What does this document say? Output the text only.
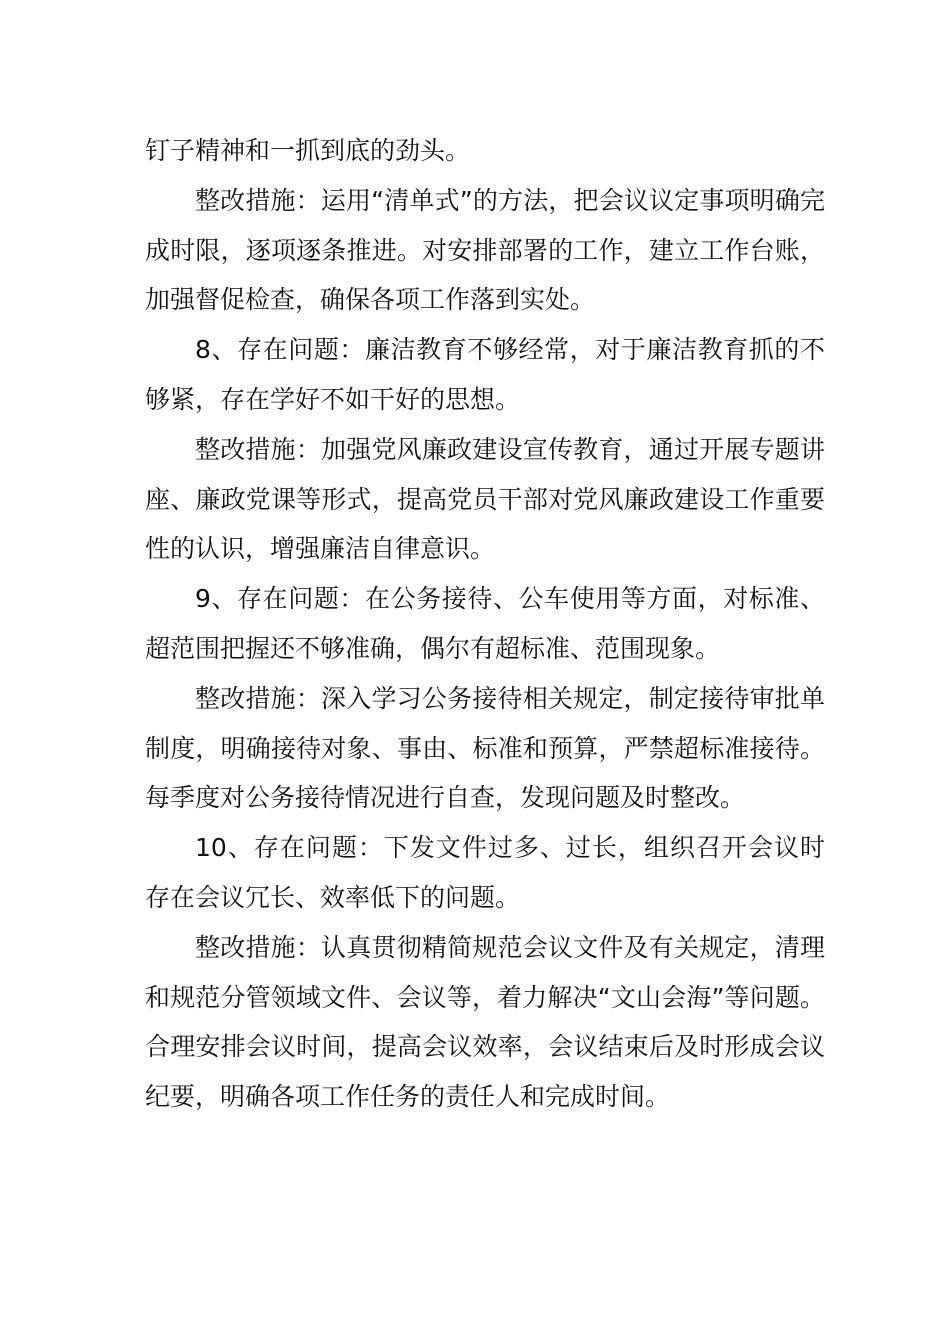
钉子精神和一抓到底的劲头。

整改措施：运用“清单式”的方法，把会议议定事项明确完成时限，逐项逐条推进。对安排部署的工作，建立工作台账，加强督促检查，确保各项工作落到实处。

8、存在问题：廉洁教育不够经常，对于廉洁教育抓的不够紧，存在学好不如干好的思想。

整改措施：加强党风廉政建设宣传教育，通过开展专题讲座、廉政党课等形式，提高党员干部对党风廉政建设工作重要性的认识，增强廉洁自律意识。

9、存在问题：在公务接待、公车使用等方面，对标准、超范围把握还不够准确，偶尔有超标准、范围现象。

整改措施：深入学习公务接待相关规定，制定接待审批单制度，明确接待对象、事由、标准和预算，严禁超标准接待。每季度对公务接待情况进行自查，发现问题及时整改。

10、存在问题：下发文件过多、过长，组织召开会议时存在会议冗长、效率低下的问题。

整改措施：认真贯彻精简规范会议文件及有关规定，清理和规范分管领域文件、会议等，着力解决“文山会海”等问题。合理安排会议时间，提高会议效率，会议结束后及时形成会议纪要，明确各项工作任务的责任人和完成时间。
